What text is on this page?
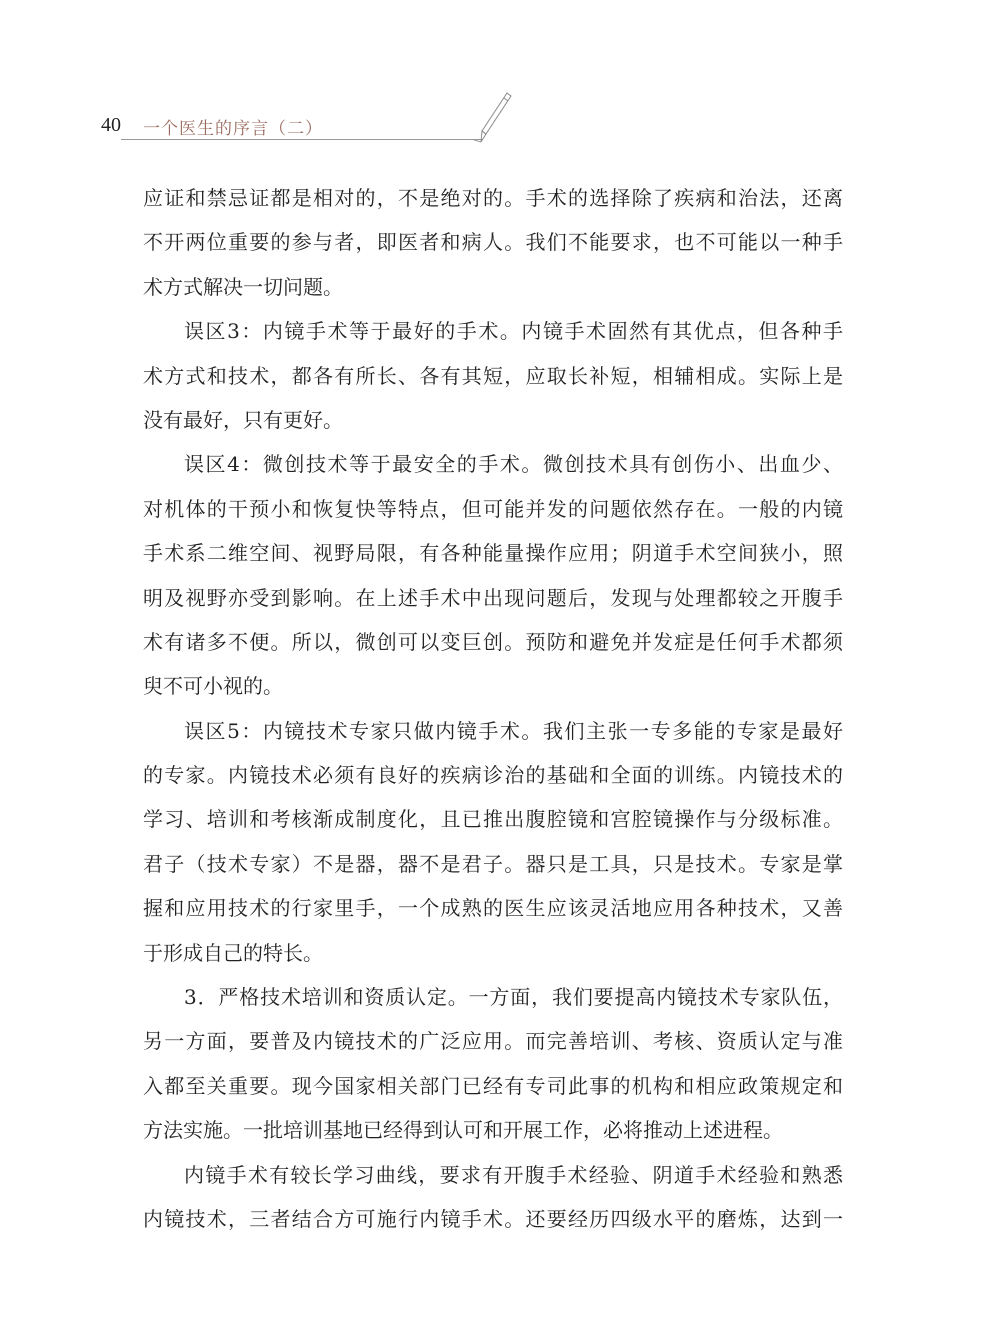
40 一个医生的序言（二）
应证和禁忌证都是相对的，不是绝对的。手术的选择除了疾病和治法，还离
不开两位重要的参与者，即医者和病人。我们不能要求，也不可能以一种手
术方式解决一切问题。
误区3：内镜手术等于最好的手术。内镜手术固然有其优点，但各种手
术方式和技术，都各有所长、各有其短，应取长补短，相辅相成。实际上是
没有最好，只有更好。
误区4：微创技术等于最安全的手术。微创技术具有创伤小、出血少、
对机体的干预小和恢复快等特点，但可能并发的问题依然存在。一般的内镜
手术系二维空间、视野局限，有各种能量操作应用；阴道手术空间狭小，照
明及视野亦受到影响。在上述手术中出现问题后，发现与处理都较之开腹手
术有诸多不便。所以，微创可以变巨创。预防和避免并发症是任何手术都须
臾不可小视的。
误区5：内镜技术专家只做内镜手术。我们主张一专多能的专家是最好
的专家。内镜技术必须有良好的疾病诊治的基础和全面的训练。内镜技术的
学习、培训和考核渐成制度化，且已推出腹腔镜和宫腔镜操作与分级标准。
君子（技术专家）不是器，器不是君子。器只是工具，只是技术。专家是掌
握和应用技术的行家里手，一个成熟的医生应该灵活地应用各种技术，又善
于形成自己的特长。
3．严格技术培训和资质认定。一方面，我们要提高内镜技术专家队伍，
另一方面，要普及内镜技术的广泛应用。而完善培训、考核、资质认定与准
入都至关重要。现今国家相关部门已经有专司此事的机构和相应政策规定和
方法实施。一批培训基地已经得到认可和开展工作，必将推动上述进程。
内镜手术有较长学习曲线，要求有开腹手术经验、阴道手术经验和熟悉
内镜技术，三者结合方可施行内镜手术。还要经历四级水平的磨炼，达到一
